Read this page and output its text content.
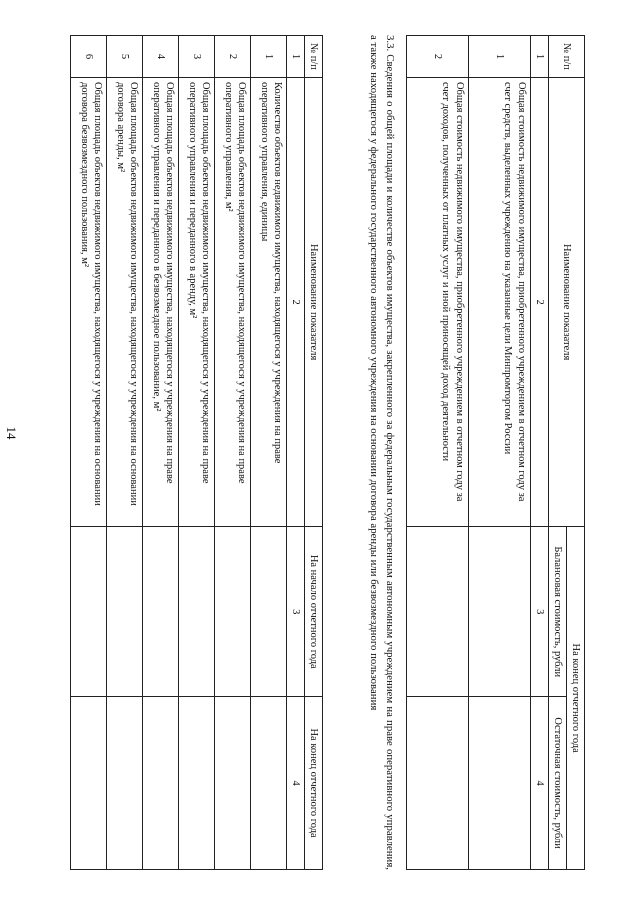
14
№ п/п	Наименование показателя	На конец отчетного года	
		Балансовая стоимость, рубли	Остаточная стоимость, рубли
1	2	3	4
1	Общая стоимость недвижимого имущества, приобретенного учреждением в отчетном году за счет средств, выделенных учреждению на указанные цели Минпромторгом России		
2	Общая стоимость недвижимого имущества, приобретенного учреждением в отчетном году за счет доходов, полученных от платных услуг и иной приносящей доход деятельности		
3.3. Сведения о общей площади и количестве объектов имущества, закрепленного за федеральным государственным автономным учреждением на праве оперативного управления, а также находящегося у федерального государственного автономного учреждения на основании договора аренды или безвозмездного пользования
№ п/п	Наименование показателя	На начало отчетного года	На конец отчетного года
1	2	3	4
1	Количество объектов недвижимого имущества, находящегося у учреждения на праве оперативного управления, единицы		
2	Общая площадь объектов недвижимого имущества, находящегося у учреждения на праве оперативного управления, м²		
3	Общая площадь объектов недвижимого имущества, находящегося у учреждения на праве оперативного управления и переданного в аренду, м²		
4	Общая площадь объектов недвижимого имущества, находящегося у учреждения на праве оперативного управления и переданного в безвозмездное пользование, м²		
5	Общая площадь объектов недвижимого имущества, находящегося у учреждения на основании договора аренды, м²		
6	Общая площадь объектов недвижимого имущества, находящегося у учреждения на основании договора безвозмездного пользования, м²		
